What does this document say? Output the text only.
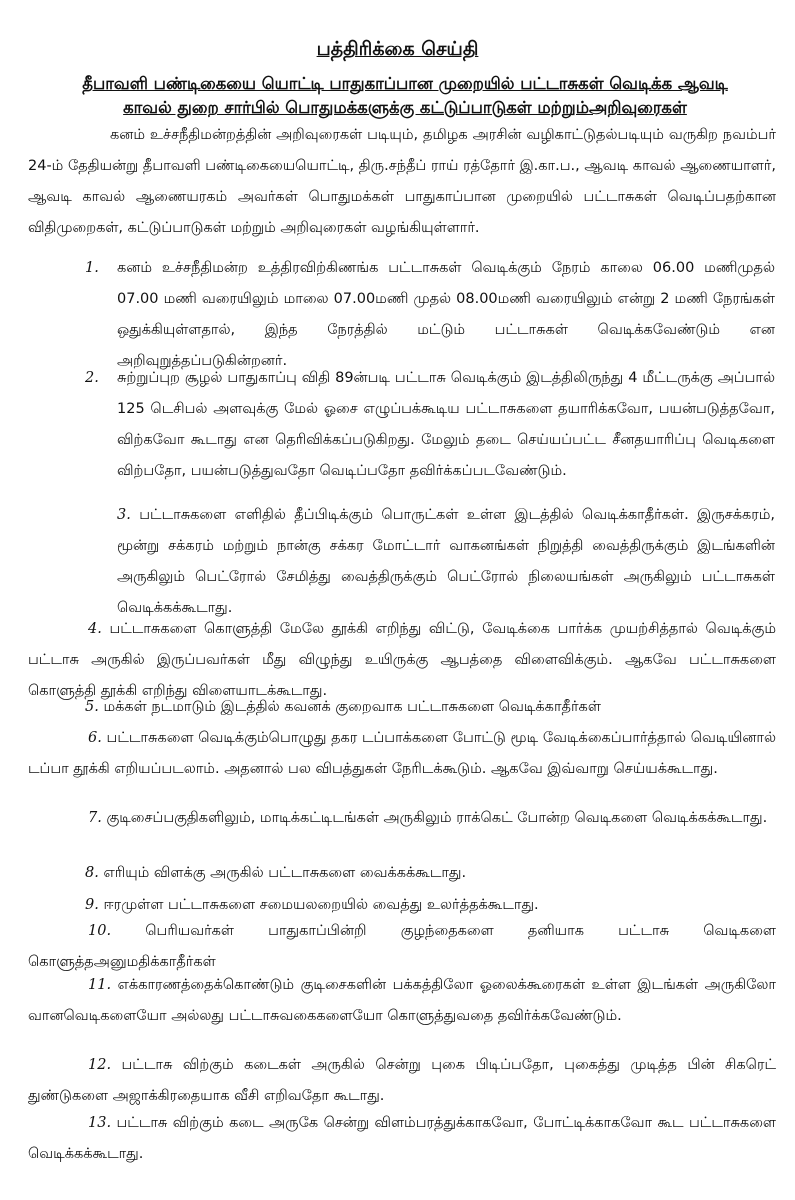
பத்திரிக்கை செய்தி
தீபாவளி பண்டிகையை யொட்டி பாதுகாப்பான முறையில் பட்டாசுகள் வெடிக்க ஆவடி காவல் துறை சார்பில் பொதுமக்களுக்கு கட்டுப்பாடுகள் மற்றும்அறிவுரைகள்
கனம் உச்சநீதிமன்றத்தின் அறிவுரைகள் படியும், தமிழக அரசின் வழிகாட்டுதல்படியும் வருகிற நவம்பர் 24-ம் தேதியன்று தீபாவளி பண்டிகையையொட்டி, திரு.சந்தீப் ராய் ரத்தோர் இ.கா.ப., ஆவடி காவல் ஆணையாளர், ஆவடி காவல் ஆணையரகம் அவர்கள் பொதுமக்கள் பாதுகாப்பான முறையில் பட்டாசுகள் வெடிப்பதற்கான விதிமுறைகள், கட்டுப்பாடுகள் மற்றும் அறிவுரைகள் வழங்கியுள்ளார்.
1. கனம் உச்சநீதிமன்ற உத்திரவிற்கிணங்க பட்டாசுகள் வெடிக்கும் நேரம் காலை 06.00 மணிமுதல் 07.00 மணி வரையிலும் மாலை 07.00மணி முதல் 08.00மணி வரையிலும் என்று 2 மணி நேரங்கள் ஒதுக்கியுள்ளதால், இந்த நேரத்தில் மட்டும் பட்டாசுகள் வெடிக்கவேண்டும் என அறிவுறுத்தப்படுகின்றனர்.
2. சுற்றுப்புற சூழல் பாதுகாப்பு விதி 89ன்படி பட்டாசு வெடிக்கும் இடத்திலிருந்து 4 மீட்டருக்கு அப்பால் 125 டெசிபல் அளவுக்கு மேல் ஓசை எழுப்பக்கூடிய பட்டாசுகளை தயாரிக்கவோ, பயன்படுத்தவோ, விற்கவோ கூடாது என தெரிவிக்கப்படுகிறது. மேலும் தடை செய்யப்பட்ட சீனதயாரிப்பு வெடிகளை விற்பதோ, பயன்படுத்துவதோ வெடிப்பதோ தவிர்க்கப்படவேண்டும்.
3. பட்டாசுகளை எளிதில் தீப்பிடிக்கும் பொருட்கள் உள்ள இடத்தில் வெடிக்காதீர்கள். இருசக்கரம், மூன்று சக்கரம் மற்றும் நான்கு சக்கர மோட்டார் வாகனங்கள் நிறுத்தி வைத்திருக்கும் இடங்களின் அருகிலும் பெட்ரோல் சேமித்து வைத்திருக்கும் பெட்ரோல் நிலையங்கள் அருகிலும் பட்டாசுகள் வெடிக்கக்கூடாது.
4. பட்டாசுகளை கொளுத்தி மேலே தூக்கி எறிந்து விட்டு, வேடிக்கை பார்க்க முயற்சித்தால் வெடிக்கும் பட்டாசு அருகில் இருப்பவர்கள் மீது விழுந்து உயிருக்கு ஆபத்தை விளைவிக்கும். ஆகவே பட்டாசுகளை கொளுத்தி தூக்கி எறிந்து விளையாடக்கூடாது.
5. மக்கள் நடமாடும் இடத்தில் கவனக் குறைவாக பட்டாசுகளை வெடிக்காதீர்கள்
6. பட்டாசுகளை வெடிக்கும்பொழுது தகர டப்பாக்களை போட்டு மூடி வேடிக்கைப்பார்த்தால் வெடியினால் டப்பா தூக்கி எறியப்படலாம். அதனால் பல விபத்துகள் நேரிடக்கூடும். ஆகவே இவ்வாறு செய்யக்கூடாது.
7. குடிசைப்பகுதிகளிலும், மாடிக்கட்டிடங்கள் அருகிலும் ராக்கெட் போன்ற வெடிகளை வெடிக்கக்கூடாது.
8. எரியும் விளக்கு அருகில் பட்டாசுகளை வைக்கக்கூடாது.
9. ஈரமுள்ள பட்டாசுகளை சமையலறையில் வைத்து உலர்த்தக்கூடாது.
10. பெரியவர்கள் பாதுகாப்பின்றி குழந்தைகளை தனியாக பட்டாசு வெடிகளை கொளுத்தஅனுமதிக்காதீர்கள்
11. எக்காரணத்தைக்கொண்டும் குடிசைகளின் பக்கத்திலோ ஓலைக்கூரைகள் உள்ள இடங்கள் அருகிலோ வானவெடிகளையோ அல்லது பட்டாசுவகைகளையோ கொளுத்துவதை தவிர்க்கவேண்டும்.
12. பட்டாசு விற்கும் கடைகள் அருகில் சென்று புகை பிடிப்பதோ, புகைத்து முடித்த பின் சிகரெட் துண்டுகளை அஜாக்கிரதையாக வீசி எறிவதோ கூடாது.
13. பட்டாசு விற்கும் கடை அருகே சென்று விளம்பரத்துக்காகவோ, போட்டிக்காகவோ கூட பட்டாசுகளை வெடிக்கக்கூடாது.
